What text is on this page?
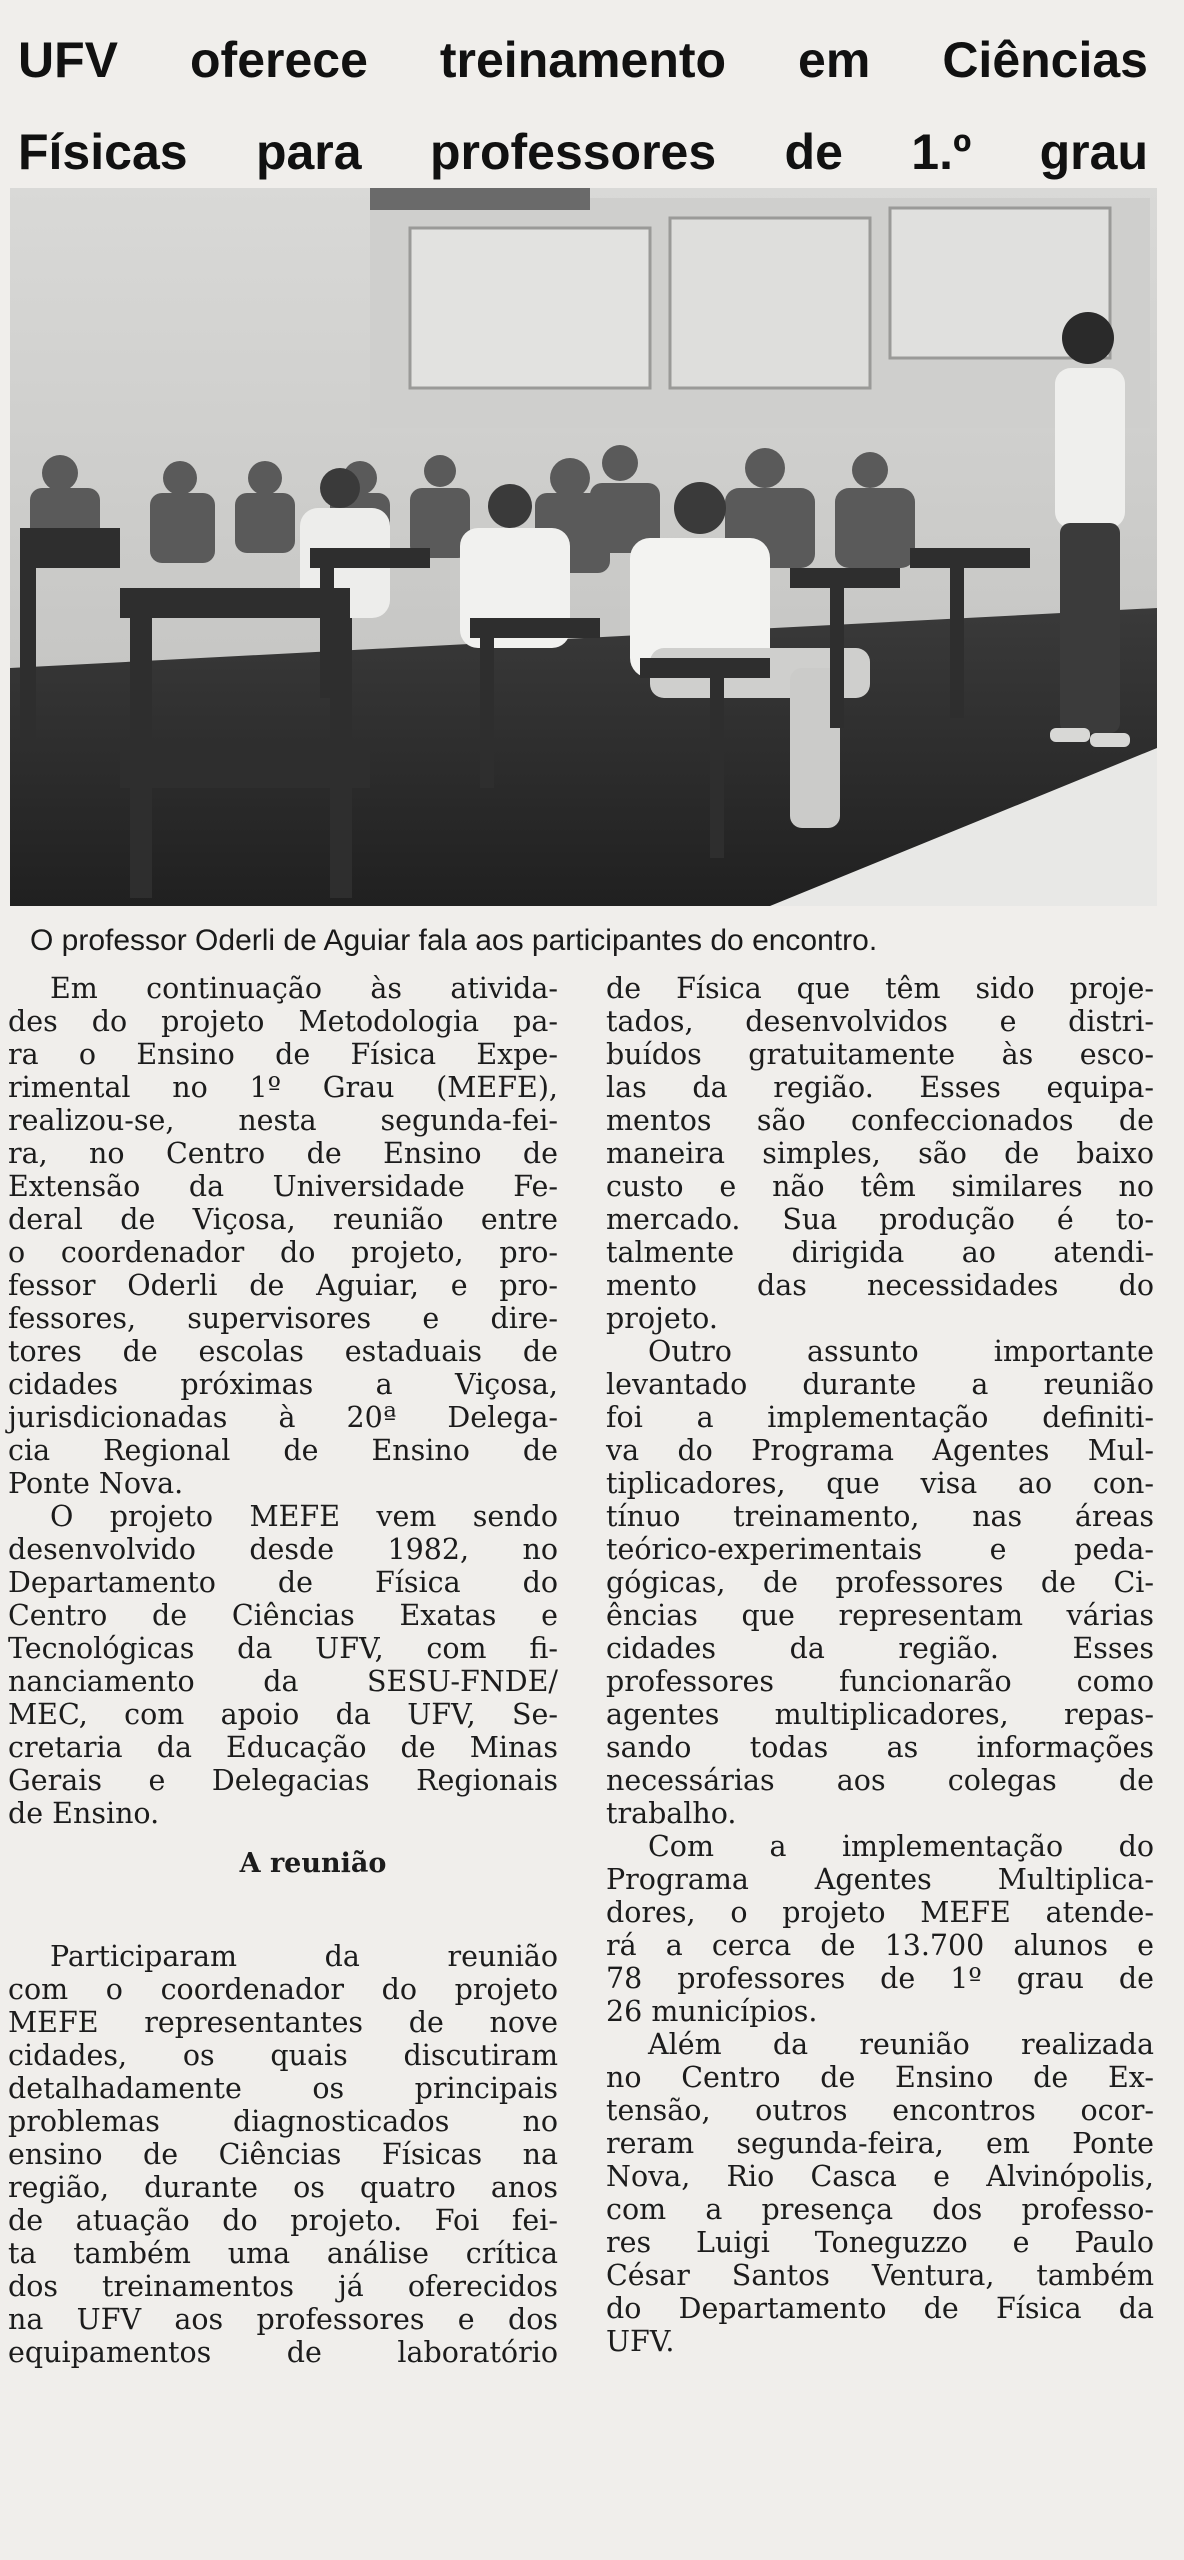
UFV oferece treinamento em Ciências
Físicas para professores de 1.º grau
O professor Oderli de Aguiar fala aos participantes do encontro.
Em continuação às ativida-
des do projeto Metodologia pa-
ra o Ensino de Física Expe-
rimental no 1º Grau (MEFE),
realizou-se, nesta segunda-fei-
ra, no Centro de Ensino de
Extensão da Universidade Fe-
deral de Viçosa, reunião entre
o coordenador do projeto, pro-
fessor Oderli de Aguiar, e pro-
fessores, supervisores e dire-
tores de escolas estaduais de
cidades próximas a Viçosa,
jurisdicionadas à 20ª Delega-
cia Regional de Ensino de
Ponte Nova.
O projeto MEFE vem sendo
desenvolvido desde 1982, no
Departamento de Física do
Centro de Ciências Exatas e
Tecnológicas da UFV, com fi-
nanciamento da SESU-FNDE/
MEC, com apoio da UFV, Se-
cretaria da Educação de Minas
Gerais e Delegacias Regionais
de Ensino.
A reunião
Participaram da reunião
com o coordenador do projeto
MEFE representantes de nove
cidades, os quais discutiram
detalhadamente os principais
problemas diagnosticados no
ensino de Ciências Físicas na
região, durante os quatro anos
de atuação do projeto. Foi fei-
ta também uma análise crítica
dos treinamentos já oferecidos
na UFV aos professores e dos
equipamentos de laboratório
de Física que têm sido proje-
tados, desenvolvidos e distri-
buídos gratuitamente às esco-
las da região. Esses equipa-
mentos são confeccionados de
maneira simples, são de baixo
custo e não têm similares no
mercado. Sua produção é to-
talmente dirigida ao atendi-
mento das necessidades do
projeto.
Outro assunto importante
levantado durante a reunião
foi a implementação definiti-
va do Programa Agentes Mul-
tiplicadores, que visa ao con-
tínuo treinamento, nas áreas
teórico-experimentais e peda-
gógicas, de professores de Ci-
ências que representam várias
cidades da região. Esses
professores funcionarão como
agentes multiplicadores, repas-
sando todas as informações
necessárias aos colegas de
trabalho.
Com a implementação do
Programa Agentes Multiplica-
dores, o projeto MEFE atende-
rá a cerca de 13.700 alunos e
78 professores de 1º grau de
26 municípios.
Além da reunião realizada
no Centro de Ensino de Ex-
tensão, outros encontros ocor-
reram segunda-feira, em Ponte
Nova, Rio Casca e Alvinópolis,
com a presença dos professo-
res Luigi Toneguzzo e Paulo
César Santos Ventura, também
do Departamento de Física da
UFV.
